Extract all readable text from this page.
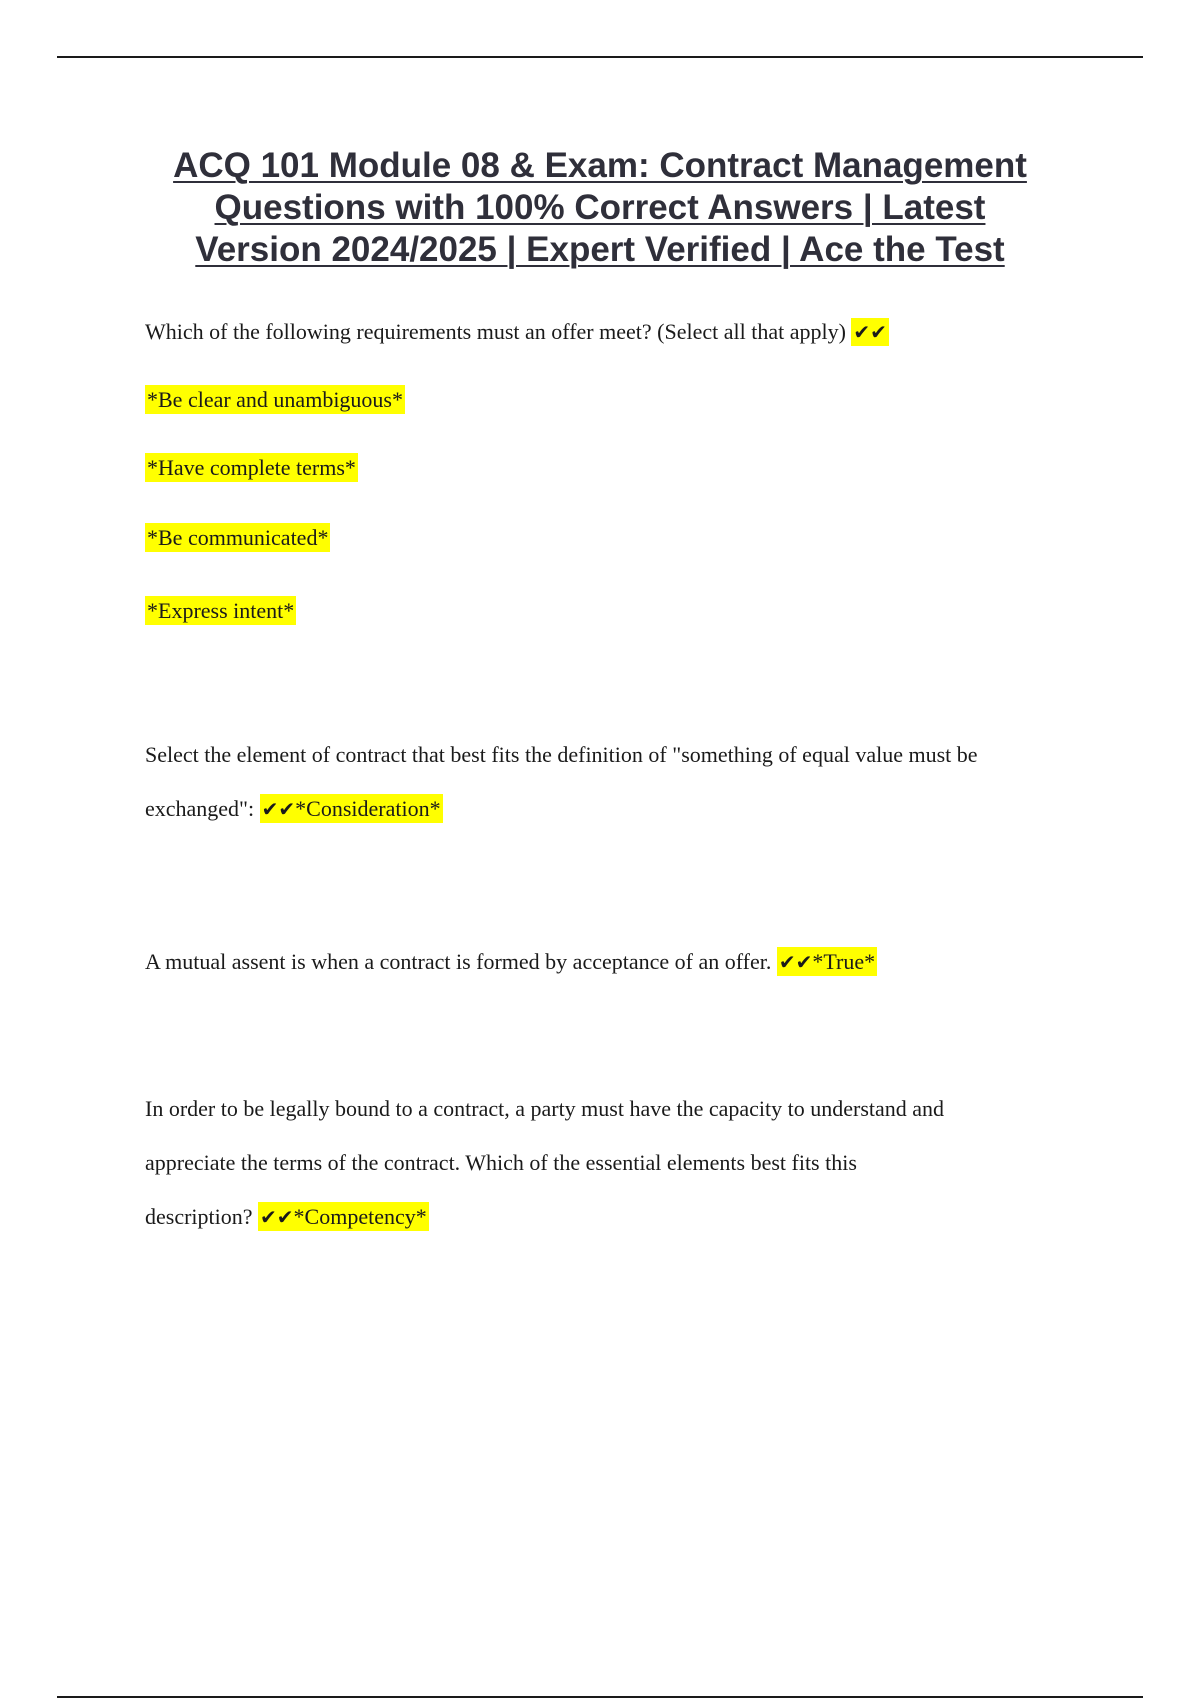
ACQ 101 Module 08 & Exam: Contract Management
Questions with 100% Correct Answers | Latest
Version 2024/2025 | Expert Verified | Ace the Test
Which of the following requirements must an offer meet? (Select all that apply) ✔✔
*Be clear and unambiguous*
*Have complete terms*
*Be communicated*
*Express intent*
Select the element of contract that best fits the definition of "something of equal value must be
exchanged": ✔✔*Consideration*
A mutual assent is when a contract is formed by acceptance of an offer. ✔✔*True*
In order to be legally bound to a contract, a party must have the capacity to understand and
appreciate the terms of the contract. Which of the essential elements best fits this
description? ✔✔*Competency*
